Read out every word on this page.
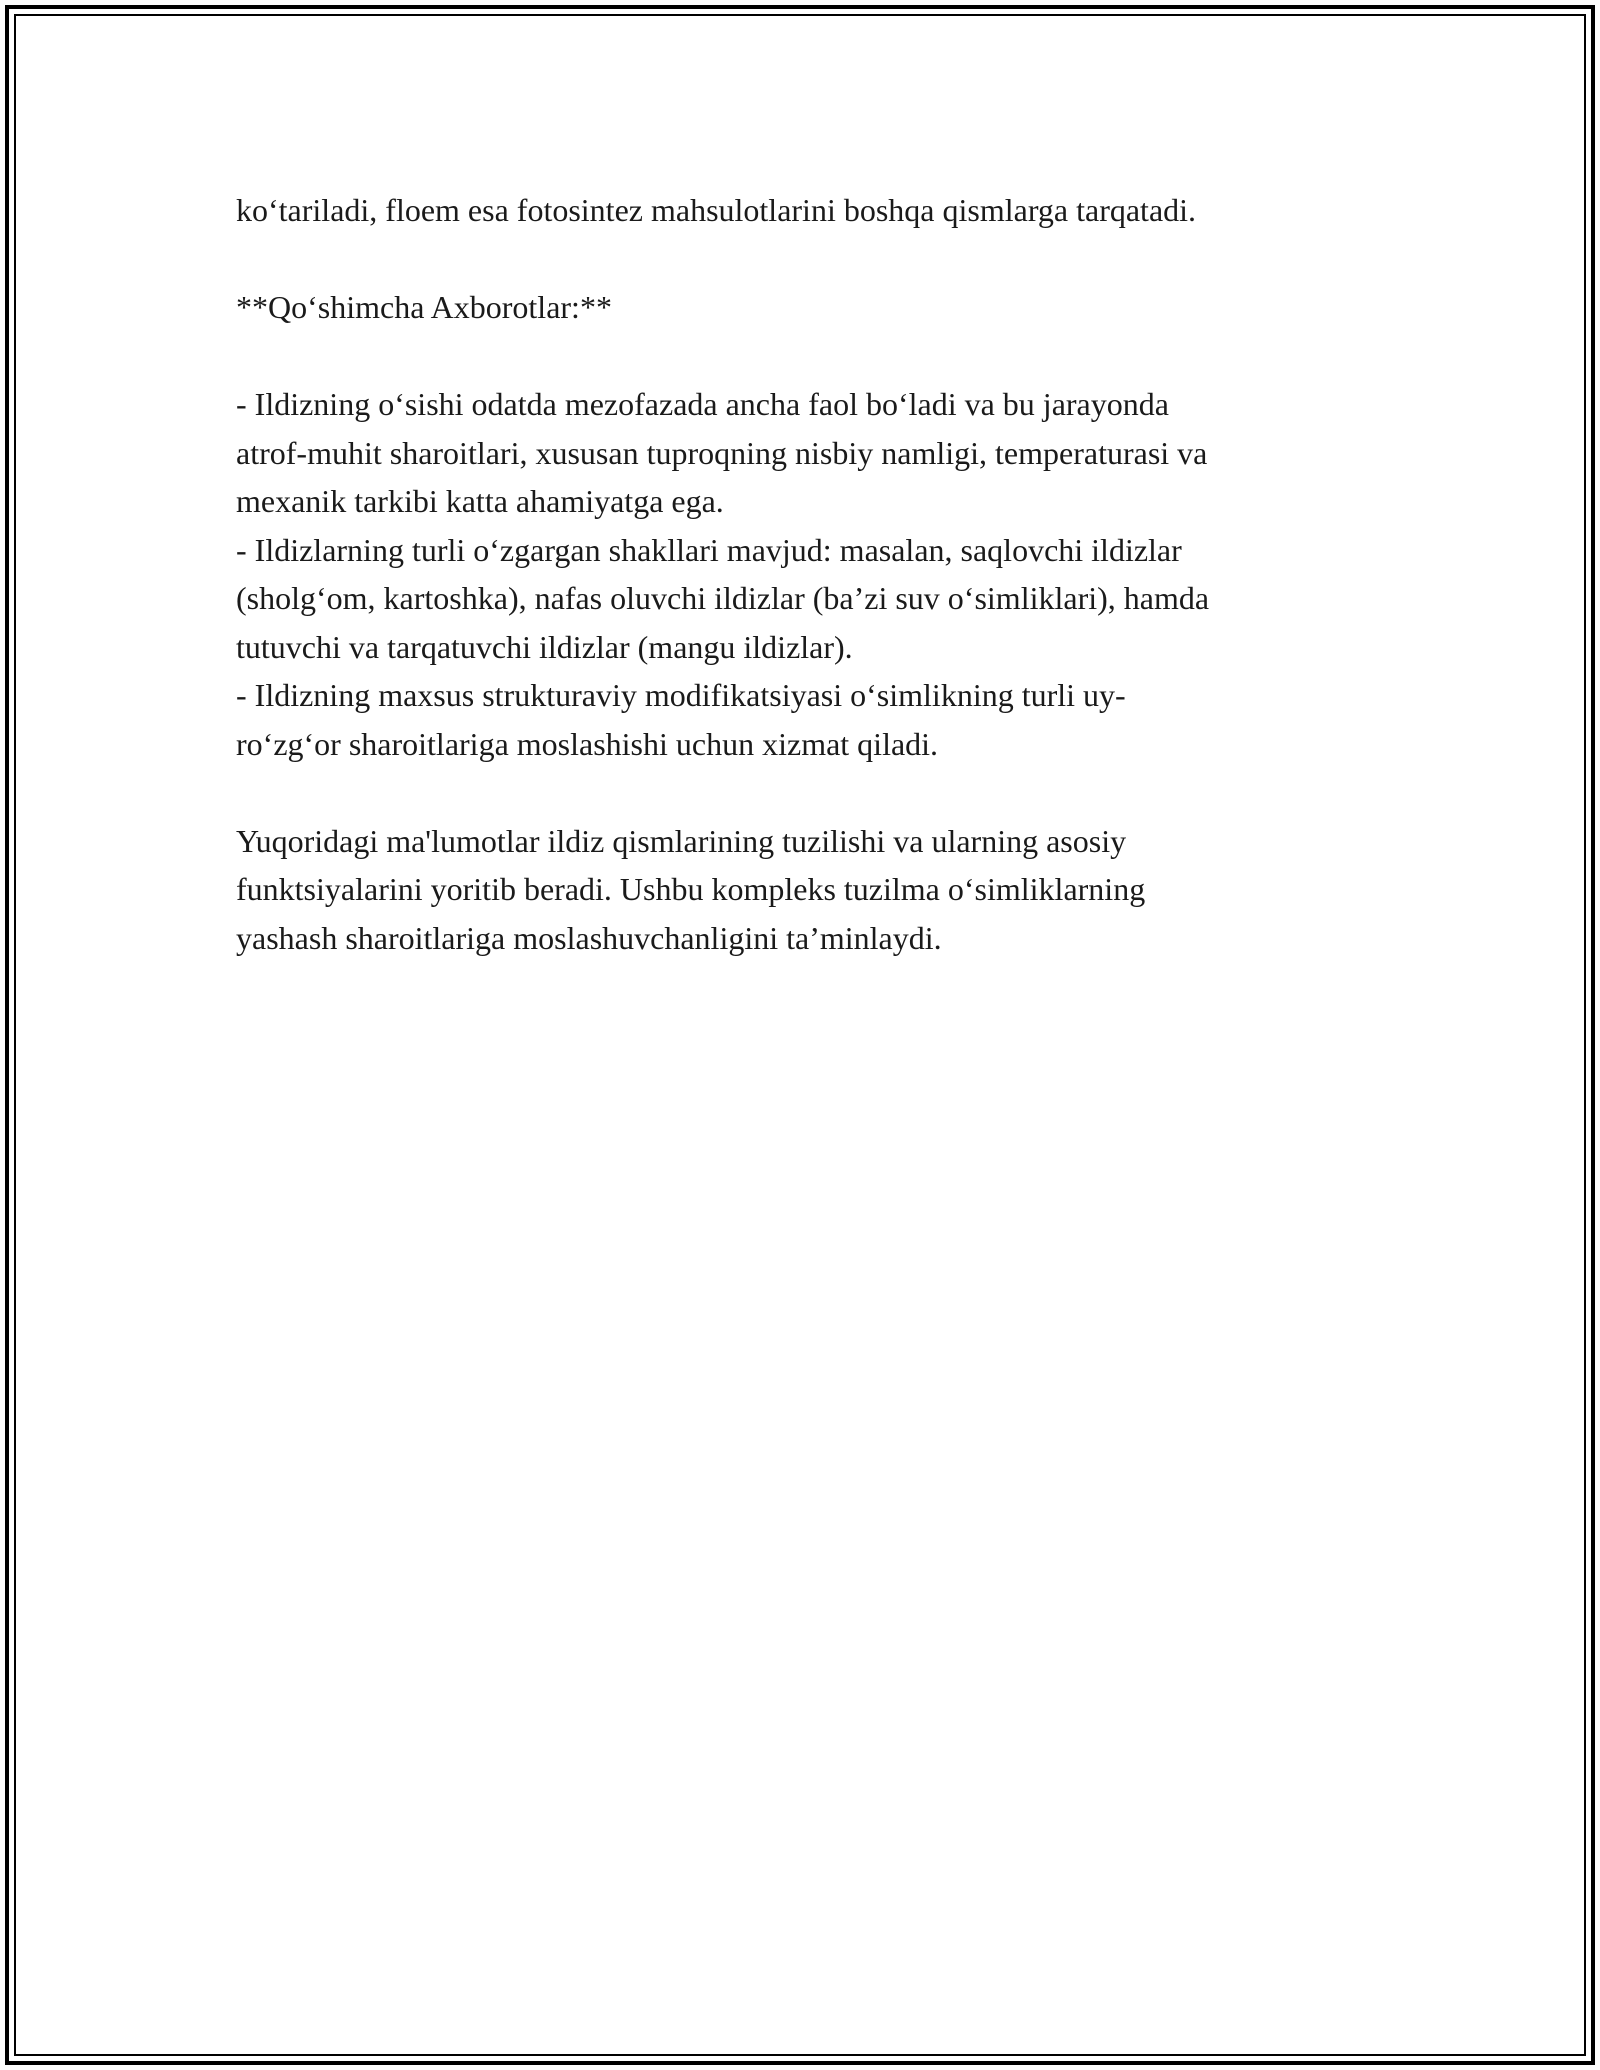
ko‘tariladi, floem esa fotosintez mahsulotlarini boshqa qismlarga tarqatadi.

**Qo‘shimcha Axborotlar:**

- Ildizning o‘sishi odatda mezofazada ancha faol bo‘ladi va bu jarayonda

atrof-muhit sharoitlari, xususan tuproqning nisbiy namligi, temperaturasi va

mexanik tarkibi katta ahamiyatga ega.

- Ildizlarning turli o‘zgargan shakllari mavjud: masalan, saqlovchi ildizlar

(sholg‘om, kartoshka), nafas oluvchi ildizlar (ba’zi suv o‘simliklari), hamda

tutuvchi va tarqatuvchi ildizlar (mangu ildizlar).

- Ildizning maxsus strukturaviy modifikatsiyasi o‘simlikning turli uy-

ro‘zg‘or sharoitlariga moslashishi uchun xizmat qiladi.

Yuqoridagi ma'lumotlar ildiz qismlarining tuzilishi va ularning asosiy

funktsiyalarini yoritib beradi. Ushbu kompleks tuzilma o‘simliklarning

yashash sharoitlariga moslashuvchanligini ta’minlaydi.
